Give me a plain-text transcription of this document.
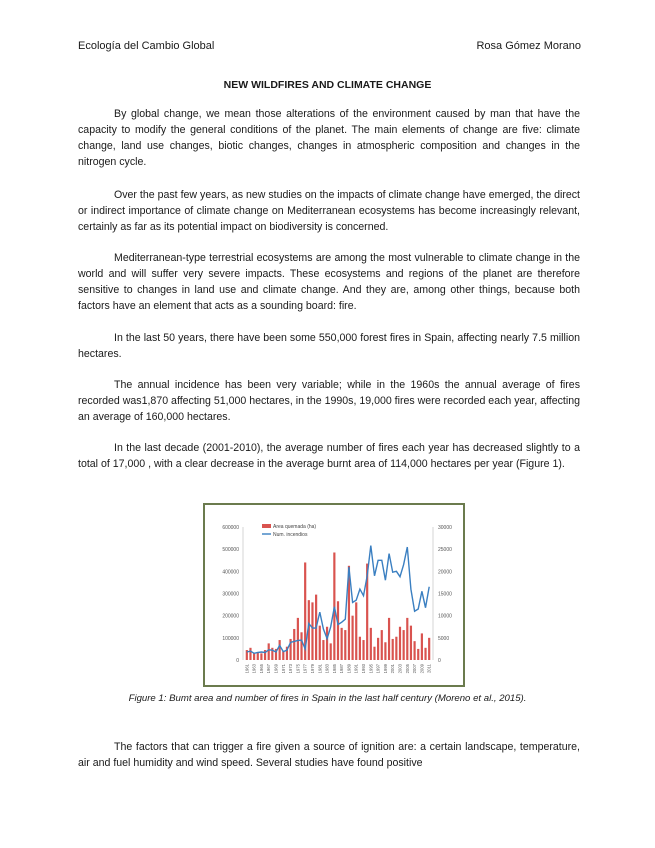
Ecología del Cambio Global	Rosa Gómez Morano
NEW WILDFIRES AND CLIMATE CHANGE

By global change, we mean those alterations of the environment caused by man that have the capacity to modify the general conditions of the planet. The main elements of change are five: climate change, land use changes, biotic changes, changes in atmospheric composition and changes in the nitrogen cycle.

Over the past few years, as new studies on the impacts of climate change have emerged, the direct or indirect importance of climate change on Mediterranean ecosystems has become increasingly relevant, certainly as far as its potential impact on biodiversity is concerned.

Mediterranean-type terrestrial ecosystems are among the most vulnerable to climate change in the world and will suffer very severe impacts. These ecosystems and regions of the planet are therefore sensitive to changes in land use and climate change. And they are, among other things, because both factors have an element that acts as a sounding board: fire.

In the last 50 years, there have been some 550,000 forest fires in Spain, affecting nearly 7.5 million hectares.

The annual incidence has been very variable; while in the 1960s the annual average of fires recorded was1,870 affecting 51,000 hectares, in the 1990s, 19,000 fires were recorded each year, affecting an average of 160,000 hectares.

In the last decade (2001-2010), the average number of fires each year has decreased slightly to a total of 17,000 , with a clear decrease in the average burnt area of 114,000 hectares per year (Figure 1).

0
100000
200000
300000
400000
500000
600000
0
5000
10000
15000
20000
25000
30000
1961 1963 1965 1967 1969 1971 1973 1975 1977 1979 1981 1983 1985 1987 1989 1991 1993 1995 1997 1999 2001 2003 2005 2007 2009 2011
Area quemada (ha)
Num. incendios
Figure 1: Bumt area and number of fires in Spain in the last half century (Moreno et al., 2015).

The factors that can trigger a fire given a source of ignition are: a certain landscape, temperature, air and fuel humidity and wind speed. Several studies have found positive
